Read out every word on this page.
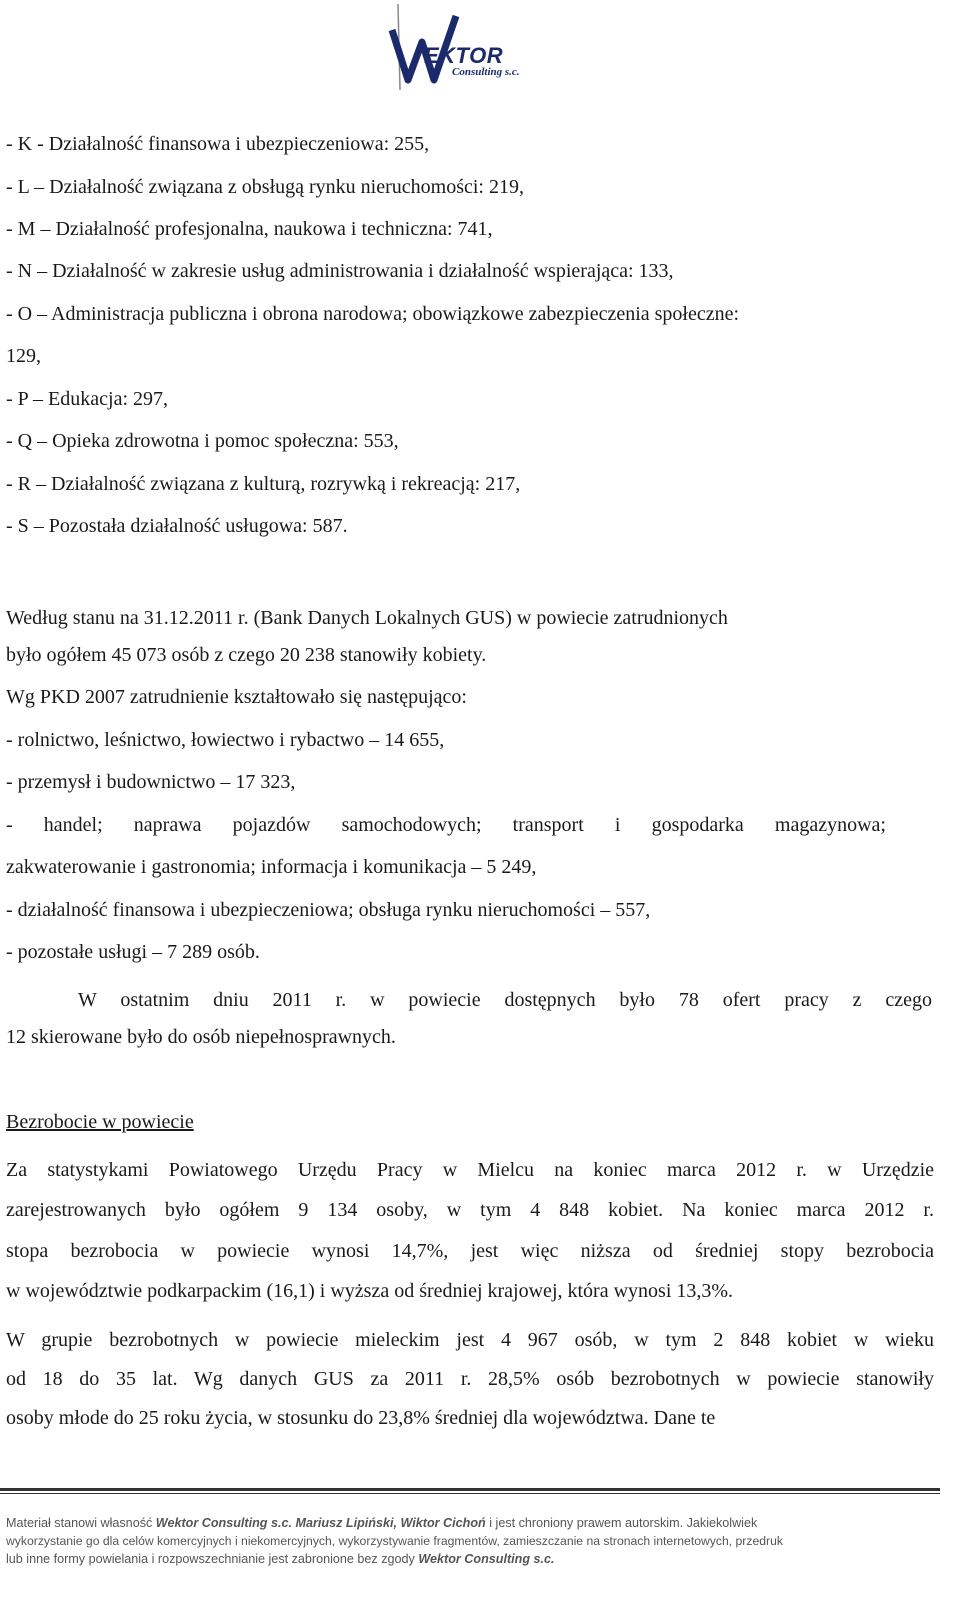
EKTOR
Consulting s.c.
- K - Działalność finansowa i ubezpieczeniowa: 255,
- L – Działalność związana z obsługą rynku nieruchomości: 219,
- M – Działalność profesjonalna, naukowa i techniczna: 741,
- N – Działalność w zakresie usług administrowania i działalność wspierająca: 133,
- O – Administracja publiczna i obrona narodowa; obowiązkowe zabezpieczenia społeczne:
129,
- P – Edukacja: 297,
- Q – Opieka zdrowotna i pomoc społeczna: 553,
- R – Działalność związana z kulturą, rozrywką i rekreacją: 217,
- S – Pozostała działalność usługowa: 587.
Według stanu na 31.12.2011 r. (Bank Danych Lokalnych GUS) w powiecie zatrudnionych
było ogółem 45 073 osób z czego 20 238 stanowiły kobiety.
Wg PKD 2007 zatrudnienie kształtowało się następująco:
- rolnictwo, leśnictwo, łowiectwo i rybactwo – 14 655,
- przemysł i budownictwo – 17 323,
- handel; naprawa pojazdów samochodowych; transport i gospodarka magazynowa;
zakwaterowanie i gastronomia; informacja i komunikacja – 5 249,
- działalność finansowa i ubezpieczeniowa; obsługa rynku nieruchomości – 557,
- pozostałe usługi – 7 289 osób.
W ostatnim dniu 2011 r. w powiecie dostępnych było 78 ofert pracy z czego
12 skierowane było do osób niepełnosprawnych.
Bezrobocie w powiecie
Za statystykami Powiatowego Urzędu Pracy w Mielcu na koniec marca 2012 r. w Urzędzie
zarejestrowanych było ogółem 9 134 osoby, w tym 4 848 kobiet. Na koniec marca 2012 r.
stopa bezrobocia w powiecie wynosi 14,7%, jest więc niższa od średniej stopy bezrobocia
w województwie podkarpackim (16,1) i wyższa od średniej krajowej, która wynosi 13,3%.
W grupie bezrobotnych w powiecie mieleckim jest 4 967 osób, w tym 2 848 kobiet w wieku
od 18 do 35 lat. Wg danych GUS za 2011 r. 28,5% osób bezrobotnych w powiecie stanowiły
osoby młode do 25 roku życia, w stosunku do 23,8% średniej dla województwa. Dane te
Materiał stanowi własność Wektor Consulting s.c. Mariusz Lipiński, Wiktor Cichoń i jest chroniony prawem autorskim. Jakiekolwiek
wykorzystanie go dla celów komercyjnych i niekomercyjnych, wykorzystywanie fragmentów, zamieszczanie na stronach internetowych, przedruk
lub inne formy powielania i rozpowszechnianie jest zabronione bez zgody Wektor Consulting s.c.
